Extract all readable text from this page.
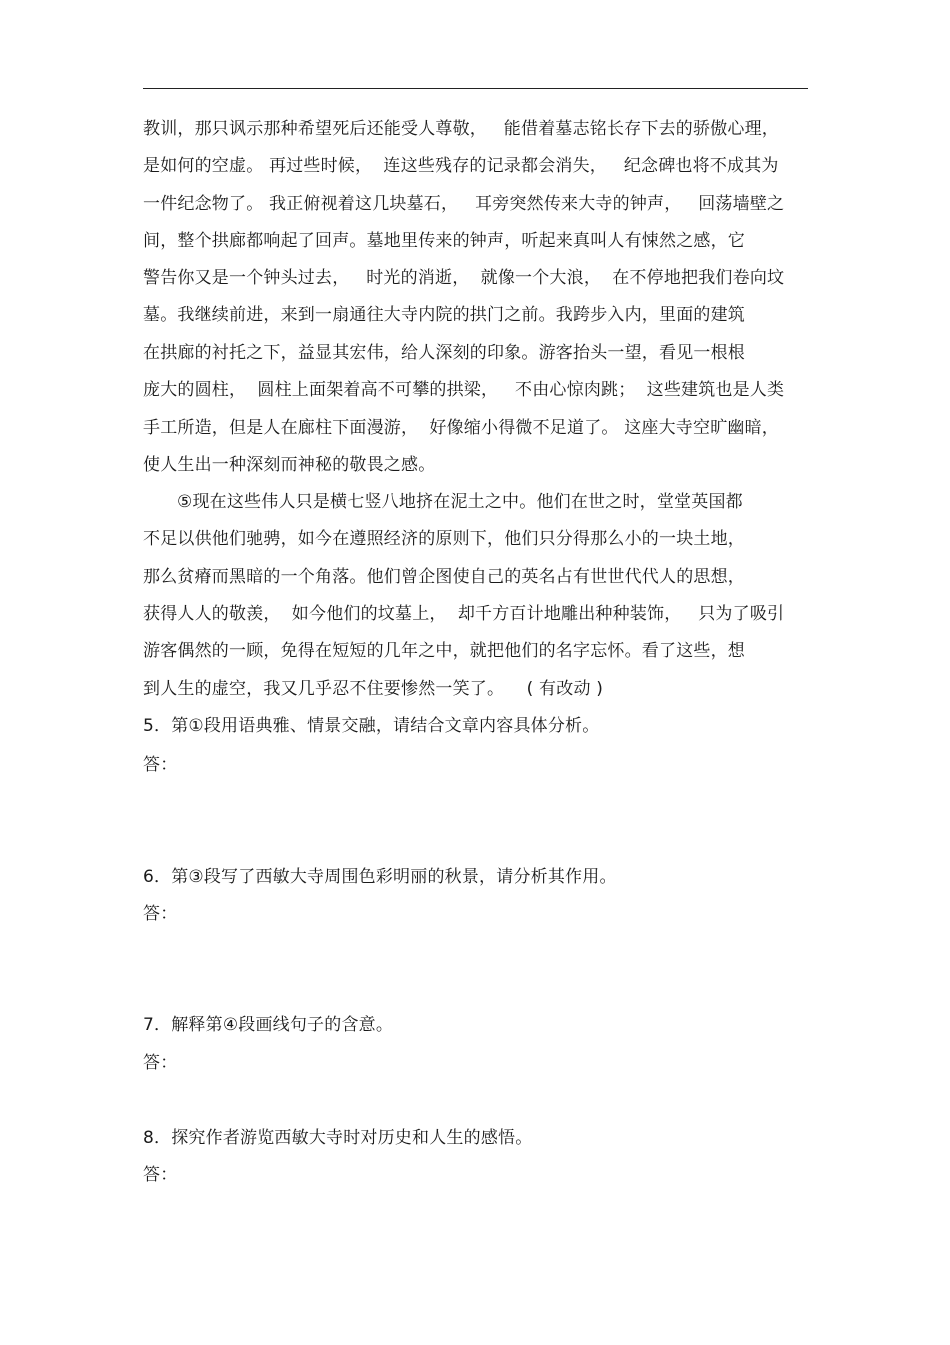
教训，那只讽示那种希望死后还能受人尊敬，   能借着墓志铭长存下去的骄傲心理，
是如何的空虚。 再过些时候，  连这些残存的记录都会消失，   纪念碑也将不成其为
一件纪念物了。 我正俯视着这几块墓石，   耳旁突然传来大寺的钟声，   回荡墙壁之
间，整个拱廊都响起了回声。墓地里传来的钟声，听起来真叫人有悚然之感，它
警告你又是一个钟头过去，   时光的消逝，  就像一个大浪，  在不停地把我们卷向坟
墓。我继续前进，来到一扇通往大寺内院的拱门之前。我跨步入内，里面的建筑
在拱廊的衬托之下，益显其宏伟，给人深刻的印象。游客抬头一望，看见一根根
庞大的圆柱，  圆柱上面架着高不可攀的拱梁，   不由心惊肉跳；  这些建筑也是人类
手工所造，但是人在廊柱下面漫游，  好像缩小得微不足道了。 这座大寺空旷幽暗，
使人生出一种深刻而神秘的敬畏之感。
⑤现在这些伟人只是横七竖八地挤在泥土之中。他们在世之时，堂堂英国都
不足以供他们驰骋，如今在遵照经济的原则下，他们只分得那么小的一块土地，
那么贫瘠而黑暗的一个角落。他们曾企图使自己的英名占有世世代代人的思想，
获得人人的敬羡，  如今他们的坟墓上，  却千方百计地雕出种种装饰，   只为了吸引
游客偶然的一顾，免得在短短的几年之中，就把他们的名字忘怀。看了这些，想
到人生的虚空，我又几乎忍不住要惨然一笑了。    ( 有改动 )
5．第①段用语典雅、情景交融，请结合文章内容具体分析。
答：
6．第③段写了西敏大寺周围色彩明丽的秋景，请分析其作用。
答：
7．解释第④段画线句子的含意。
答：
8．探究作者游览西敏大寺时对历史和人生的感悟。
答：
